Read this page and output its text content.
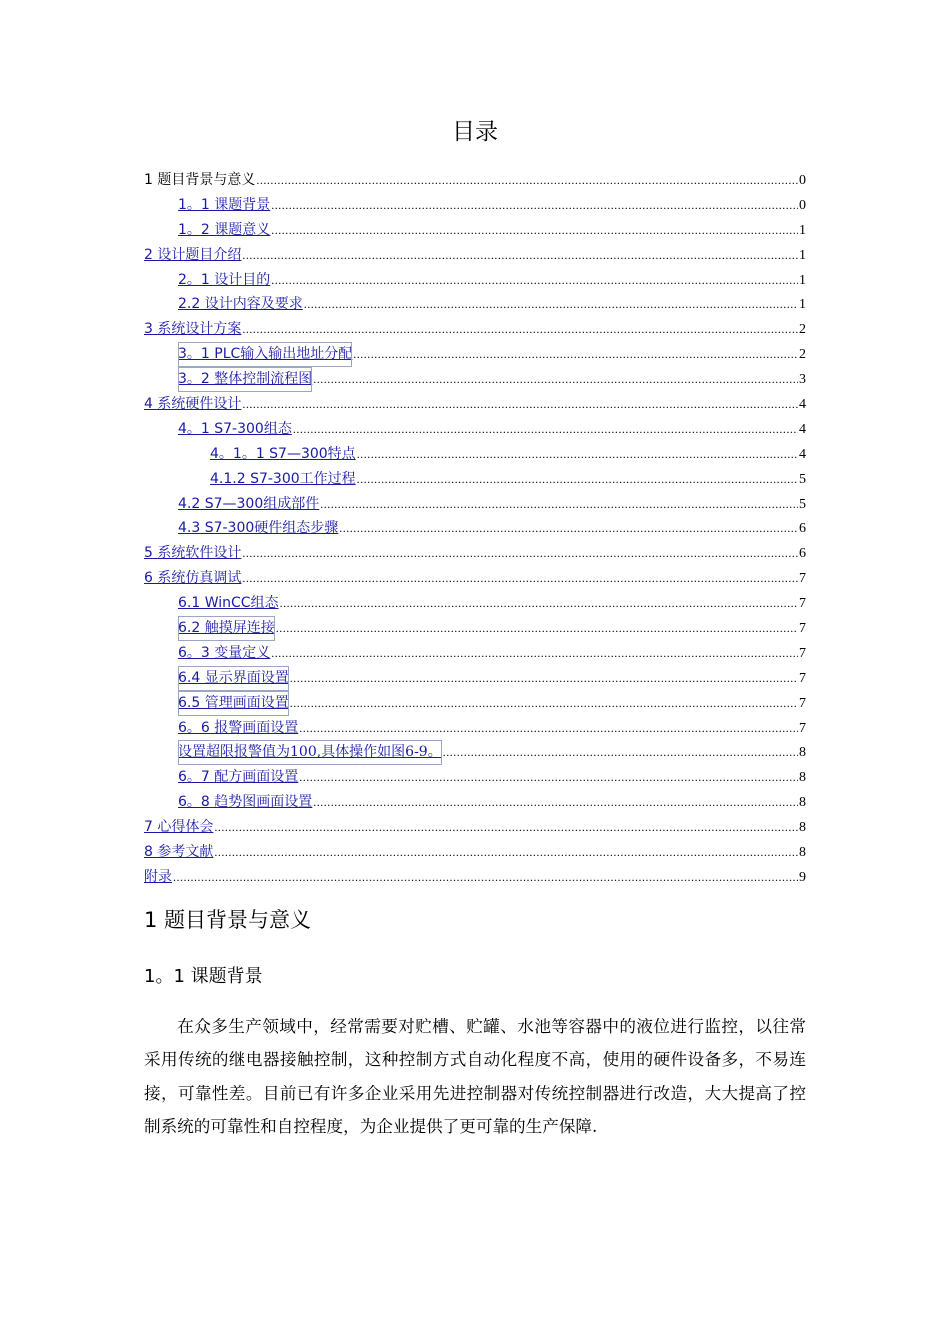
目录
1 题目背景与意义 .....	0
1。1 课题背景 .....	0
1。2 课题意义 .....	1
2 设计题目介绍 .....	1
2。1 设计目的 .....	1
2.2 设计内容及要求 .....	1
3 系统设计方案 .....	2
3。1 PLC输入输出地址分配 .....	2
3。2 整体控制流程图 .....	3
4 系统硬件设计 .....	4
4。1 S7-300组态 .....	4
4。1。1 S7—300特点 .....	4
4.1.2 S7-300工作过程 .....	5
4.2 S7—300组成部件 .....	5
4.3 S7-300硬件组态步骤 .....	6
5 系统软件设计 .....	6
6 系统仿真调试 .....	7
6.1 WinCC组态 .....	7
6.2 触摸屏连接 .....	7
6。3 变量定义 .....	7
6.4 显示界面设置 .....	7
6.5 管理画面设置 .....	7
6。6 报警画面设置 .....	7
设置超限报警值为100,具体操作如图6-9。 .....	8
6。7 配方画面设置 .....	8
6。8 趋势图画面设置 .....	8
7 心得体会 .....	8
8 参考文献 .....	8
附录 .....	9
1 题目背景与意义
1。1 课题背景

在众多生产领域中，经常需要对贮槽、贮罐、水池等容器中的液位进行监控，以往常采用传统的继电器接触控制，这种控制方式自动化程度不高，使用的硬件设备多，不易连接，可靠性差。目前已有许多企业采用先进控制器对传统控制器进行改造，大大提高了控制系统的可靠性和自控程度，为企业提供了更可靠的生产保障.
